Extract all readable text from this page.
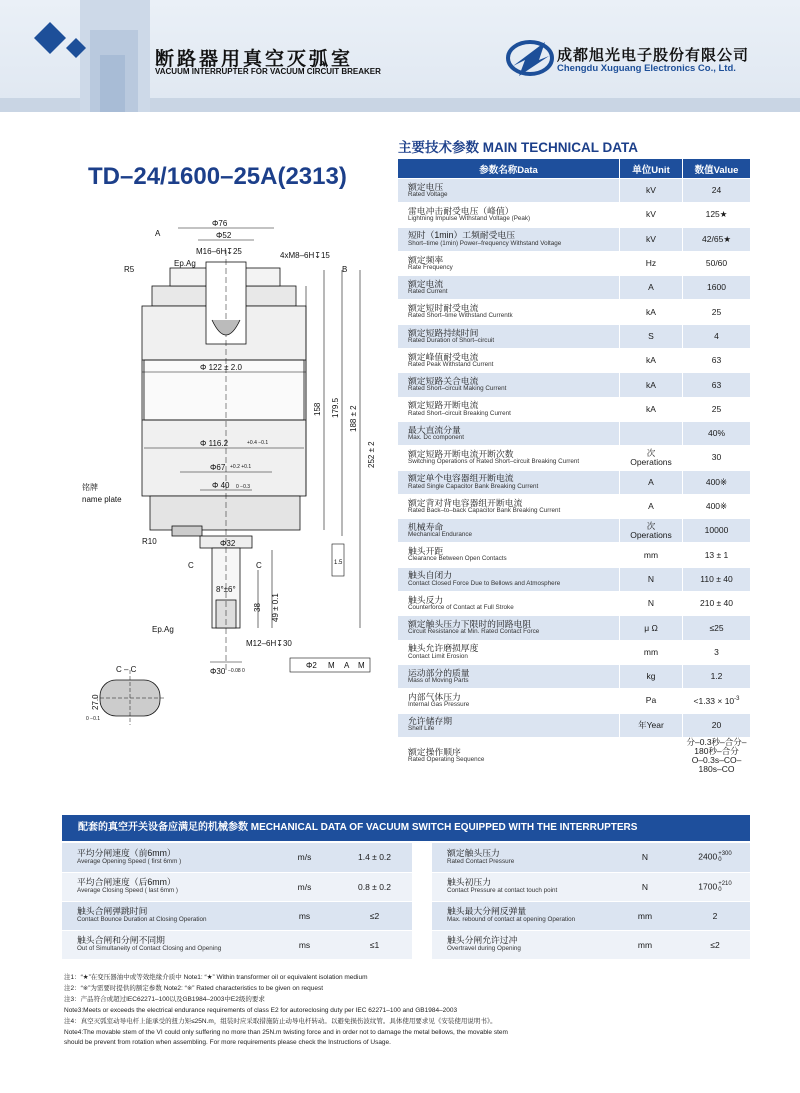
断路器用真空灭弧室
VACUUM INTERRUPTER FOR VACUUM CIRCUIT BREAKER
成都旭光电子股份有限公司
Chengdu Xuguang Electronics Co., Ltd.
TD–24/1600–25A(2313)
主要技术参数 MAIN TECHNICAL DATA
参数名称Data	单位Unit	数值Value

额定电压
Rated Voltage	kV	24

雷电冲击耐受电压（峰值）
Lightning Impulse Withstand Voltage (Peak)	kV	125★

短时（1min）工频耐受电压
Short–time (1min) Power–frequency Withstand Voltage	kV	42/65★

额定频率
Rate Frequency	Hz	50/60

额定电流
Rated Current	A	1600

额定短时耐受电流
Rated Short–time Withstand Currentk	kA	25

额定短路持续时间
Rated Duration of Short–circuit	S	4

额定峰值耐受电流
Rated Peak Withstand Current	kA	63

额定短路关合电流
Rated Short–circuit Making Current	kA	63

额定短路开断电流
Rated Short–circuit Breaking Current	kA	25

最大直流分量
Max. Dc component		40%

额定短路开断电流开断次数
Switching Operations of Rated Short–circuit Breaking Current	次
Operations	30

额定单个电容器组开断电流
Rated Single Capacitor Bank Breaking Current	A	400※

额定背对背电容器组开断电流
Rated Back–to–back Capacitor Bank Breaking Current	A	400※

机械寿命
Mechanical Endurance	次
Operations	10000

触头开距
Clearance Between Open Contacts	mm	13 ± 1

触头自闭力
Contact Closed Force Due to Bellows and Atmosphere	N	110 ± 40

触头反力
Counterforce of Contact at Full Stroke	N	210 ± 40

额定触头压力下限时的回路电阻
Circuit Resistance at Min. Rated Contact Force	μ Ω	≤25

触头允许磨损厚度
Contact Limit Erosion	mm	3

运动部分的质量
Mass of Moving Parts	kg	1.2

内部气体压力
Internal Gas Pressure	Pa	$<1.33 \times 10^{-3}$

允许储存期
Shelf Life	年Year	20

额定操作顺序
Rated Operating Sequence		分–0.3秒–合分–180秒–合分
O–0.3s–CO–180s–CO
Φ76
Φ52
M16–6H↧25	4xM8–6H↧15
R5
Ep.Ag
Φ 122 ± 2.0
Φ 116.2	+0.4 −0.1
Φ67 +0.2 +0.1
Φ 40 0 −0.3
铭牌
name plate
R10	Φ32
C	C
8°±6°
38 49 ± 0.1
Ep.Ag
M12–6H↧30
Φ30 −0.08 0
158 179.5 188 ± 2
252 ± 2
A
B
1.5
Φ2 M A M
C – C
27.0
0 −0.1
配套的真空开关设备应满足的机械参数 MECHANICAL DATA OF VACUUM SWITCH EQUIPPED WITH THE INTERRUPTERS
平均分闸速度（前6mm）
Average Opening Speed ( first 6mm )	m/s	1.4 ± 0.2		额定触头压力
Rated Contact Pressure	N	2400 +300
0

平均合闸速度（后6mm）
Average Closing Speed ( last 6mm )	m/s	0.8 ± 0.2		触头初压力
Contact Pressure at contact touch point	N	1700 +210
0

触头合闸弹跳时间
Contact Bounce Duration at Closing Operation	ms	≤2		触头最大分闸反弹量
Max. rebound of contact at opening Operation	mm	2

触头合闸和分闸不同期
Out of Simultaneity of Contact Closing and Opening	ms	≤1		触头分闸允许过冲
Overtravel during Opening	mm	≤2
注1：“★”在变压器油中或等效绝缘介质中 Note1: “★” Within transformer oil or equivalent isolation medium
注2：“※”为需要时提供的额定参数 Note2: “※” Rated characteristics to be given on request
注3：产品符合或超过IEC62271–100以及GB1984–2003中E2级的要求
Note3:Meets or exceeds the electrical endurance requirements of class E2 for autoreclosing duty per IEC 62271–100 and GB1984–2003
注4：真空灭弧室动导电杆上能承受的扭力矩≤25N.m，组装时应采取措施防止动导电杆转动。以避免损伤波纹管。具体使用要求见《安装使用说明书》。
Note4:The movable stem of the VI could only suffering no more than 25N.m twisting force and in order not to damage the metal bellows, the movable stem
should be prevent from rotation when assembling. For more requirements please check the Instructions of Usage.
